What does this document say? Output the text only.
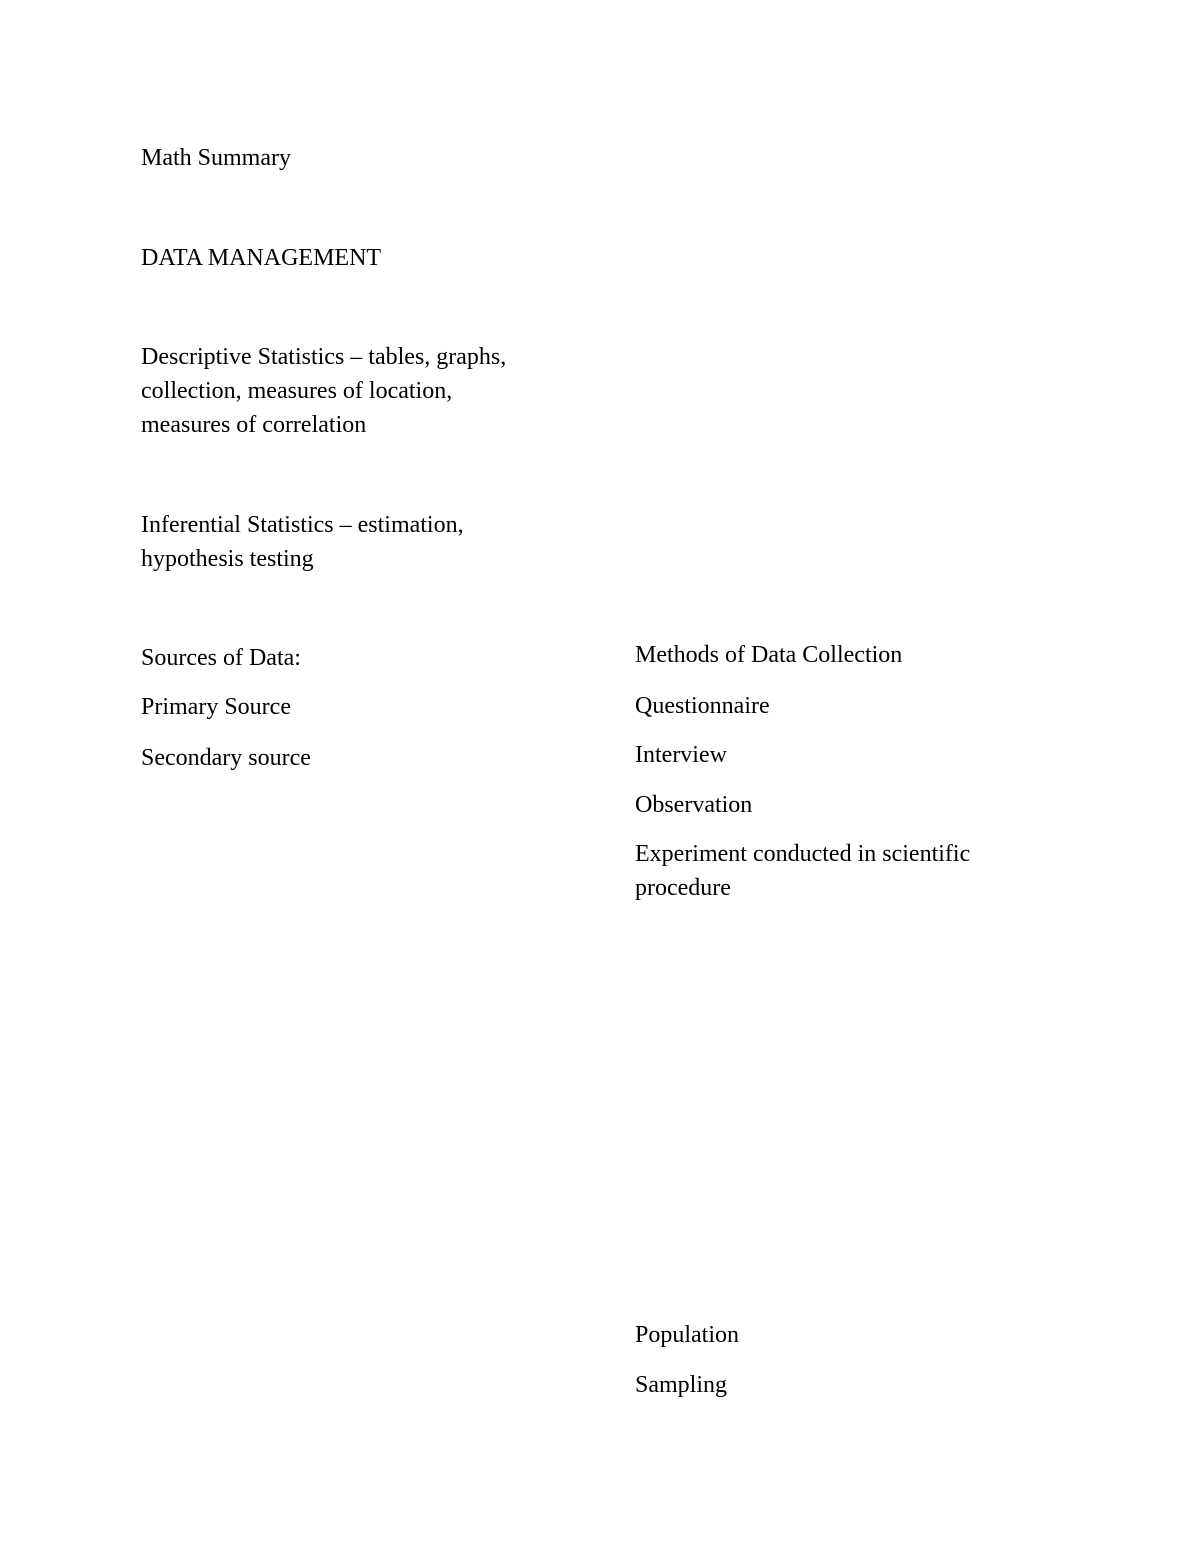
Math Summary

DATA MANAGEMENT

Descriptive Statistics – tables, graphs,
collection, measures of location,
measures of correlation
Inferential Statistics – estimation,
hypothesis testing

Sources of Data:

Primary Source

Secondary source

Methods of Data Collection

Questionnaire

Interview

Observation

Experiment conducted in scientific
procedure

Population

Sampling
